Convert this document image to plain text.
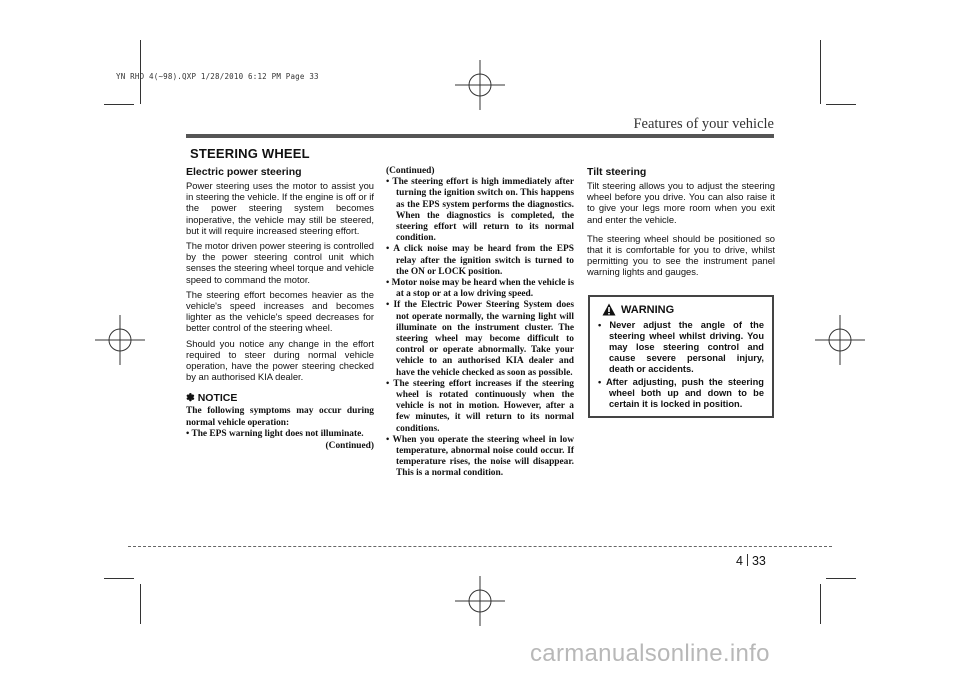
YN RHD 4(~98).QXP 1/28/2010 6:12 PM Page 33
Features of your vehicle
STEERING WHEEL
Electric power steering

Power steering uses the motor to assist you in steering the vehicle. If the engine is off or if the power steering system becomes inoperative, the vehicle may still be steered, but it will require increased steering effort.

The motor driven power steering is controlled by the power steering control unit which senses the steering wheel torque and vehicle speed to command the motor.

The steering effort becomes heavier as the vehicle's speed increases and becomes lighter as the vehicle's speed decreases for better control of the steering wheel.

Should you notice any change in the effort required to steer during normal vehicle operation, have the power steering checked by an authorised KIA dealer.

✽ NOTICE

The following symptoms may occur during normal vehicle operation:

• The EPS warning light does not illuminate.
(Continued)
(Continued)
• The steering effort is high immediately after turning the ignition switch on. This happens as the EPS system performs the diagnostics. When the diagnostics is completed, the steering effort will return to its normal condition.
• A click noise may be heard from the EPS relay after the ignition switch is turned to the ON or LOCK position.
• Motor noise may be heard when the vehicle is at a stop or at a low driving speed.
• If the Electric Power Steering System does not operate normally, the warning light will illuminate on the instrument cluster. The steering wheel may become difficult to control or operate abnormally. Take your vehicle to an authorised KIA dealer and have the vehicle checked as soon as possible.
• The steering effort increases if the steering wheel is rotated continuously when the vehicle is not in motion. However, after a few minutes, it will return to its normal conditions.
• When you operate the steering wheel in low temperature, abnormal noise could occur. If temperature rises, the noise will disappear. This is a normal condition.
Tilt steering

Tilt steering allows you to adjust the steering wheel before you drive. You can also raise it to give your legs more room when you exit and enter the vehicle.

The steering wheel should be positioned so that it is comfortable for you to drive, whilst permitting you to see the instrument panel warning lights and gauges.

WARNING
• Never adjust the angle of the steering wheel whilst driving. You may lose steering control and cause severe personal injury, death or accidents.
• After adjusting, push the steering wheel both up and down to be certain it is locked in position.
4 33
carmanualsonline.info
